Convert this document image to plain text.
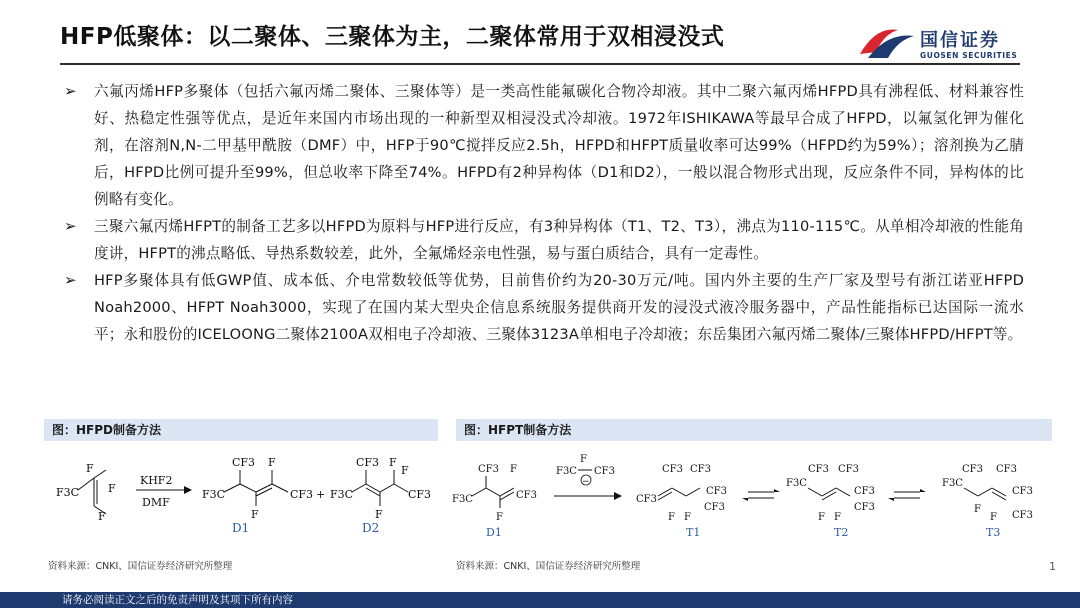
HFP低聚体：以二聚体、三聚体为主，二聚体常用于双相浸没式	国信证券
GUOSEN SECURITIES
➢ 六氟丙烯HFP多聚体（包括六氟丙烯二聚体、三聚体等）是一类高性能氟碳化合物冷却液。其中二聚六氟丙烯HFPD具有沸程低、材料兼容性好、热稳定性强等优点，是近年来国内市场出现的一种新型双相浸没式冷却液。1972年ISHIKAWA等最早合成了HFPD，以氟氢化钾为催化剂，在溶剂N,N-二甲基甲酰胺（DMF）中，HFP于90℃搅拌反应2.5h，HFPD和HFPT质量收率可达99%（HFPD约为59%）；溶剂换为乙腈后，HFPD比例可提升至99%，但总收率下降至74%。HFPD有2种异构体（D1和D2），一般以混合物形式出现，反应条件不同，异构体的比例略有变化。
➢ 三聚六氟丙烯HFPT的制备工艺多以HFPD为原料与HFP进行反应，有3种异构体（T1、T2、T3），沸点为110-115℃。从单相冷却液的性能角度讲，HFPT的沸点略低、导热系数较差，此外，全氟烯烃亲电性强，易与蛋白质结合，具有一定毒性。
➢ HFP多聚体具有低GWP值、成本低、介电常数较低等优势，目前售价约为20-30万元/吨。国内外主要的生产厂家及型号有浙江诺亚HFPD Noah2000、HFPT Noah3000，实现了在国内某大型央企信息系统服务提供商开发的浸没式液冷服务器中，产品性能指标已达国际一流水平；永和股份的ICELOONG二聚体2100A双相电子冷却液、三聚体3123A单相电子冷却液；东岳集团六氟丙烯二聚体/三聚体HFPD/HFPT等。
图：HFPD制备方法
F3C
F
F
F
KHF2
DMF
F3C
CF3 F
F
CF3
D1
+ F3C
CF3 F
F
F
CF3
D2
资料来源：CNKI、国信证券经济研究所整理
图：HFPT制备方法
F3C
CF3 F
CF3
F
D1
F3C CF3
−
F
CF3
CF3 CF3
CF3
CF3
F F
T1
F3C
CF3 CF3
CF3
CF3
F F
T2
F3C
CF3 CF3
CF3
CF3
F
F
T3
资料来源：CNKI、国信证券经济研究所整理	1
请务必阅读正文之后的免责声明及其项下所有内容
